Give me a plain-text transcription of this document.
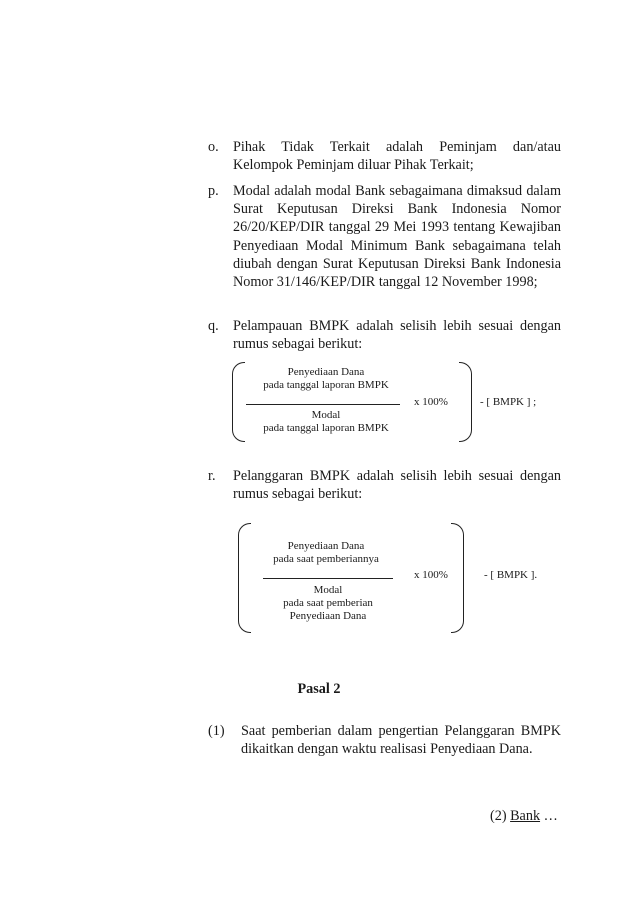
o. Pihak Tidak Terkait adalah Peminjam dan/atau Kelompok Peminjam diluar Pihak Terkait;
p. Modal adalah modal Bank sebagaimana dimaksud dalam Surat Keputusan Direksi Bank Indonesia Nomor 26/20/KEP/DIR tanggal 29 Mei 1993 tentang Kewajiban Penyediaan Modal Minimum Bank sebagaimana telah diubah dengan Surat Keputusan Direksi Bank Indonesia Nomor 31/146/KEP/DIR tanggal 12 November 1998;
q. Pelampauan BMPK adalah selisih lebih sesuai dengan rumus sebagai berikut:
Penyediaan Dana
pada tanggal laporan BMPK
Modal
pada tanggal laporan BMPK
x 100%	- [ BMPK ] ;
r. Pelanggaran BMPK adalah selisih lebih sesuai dengan rumus sebagai berikut:
Penyediaan Dana
pada saat pemberiannya
Modal
pada saat pemberian
Penyediaan Dana
x 100%	- [ BMPK ].
Pasal 2
(1) Saat pemberian dalam pengertian Pelanggaran BMPK dikaitkan dengan waktu realisasi Penyediaan Dana.
(2) Bank …
